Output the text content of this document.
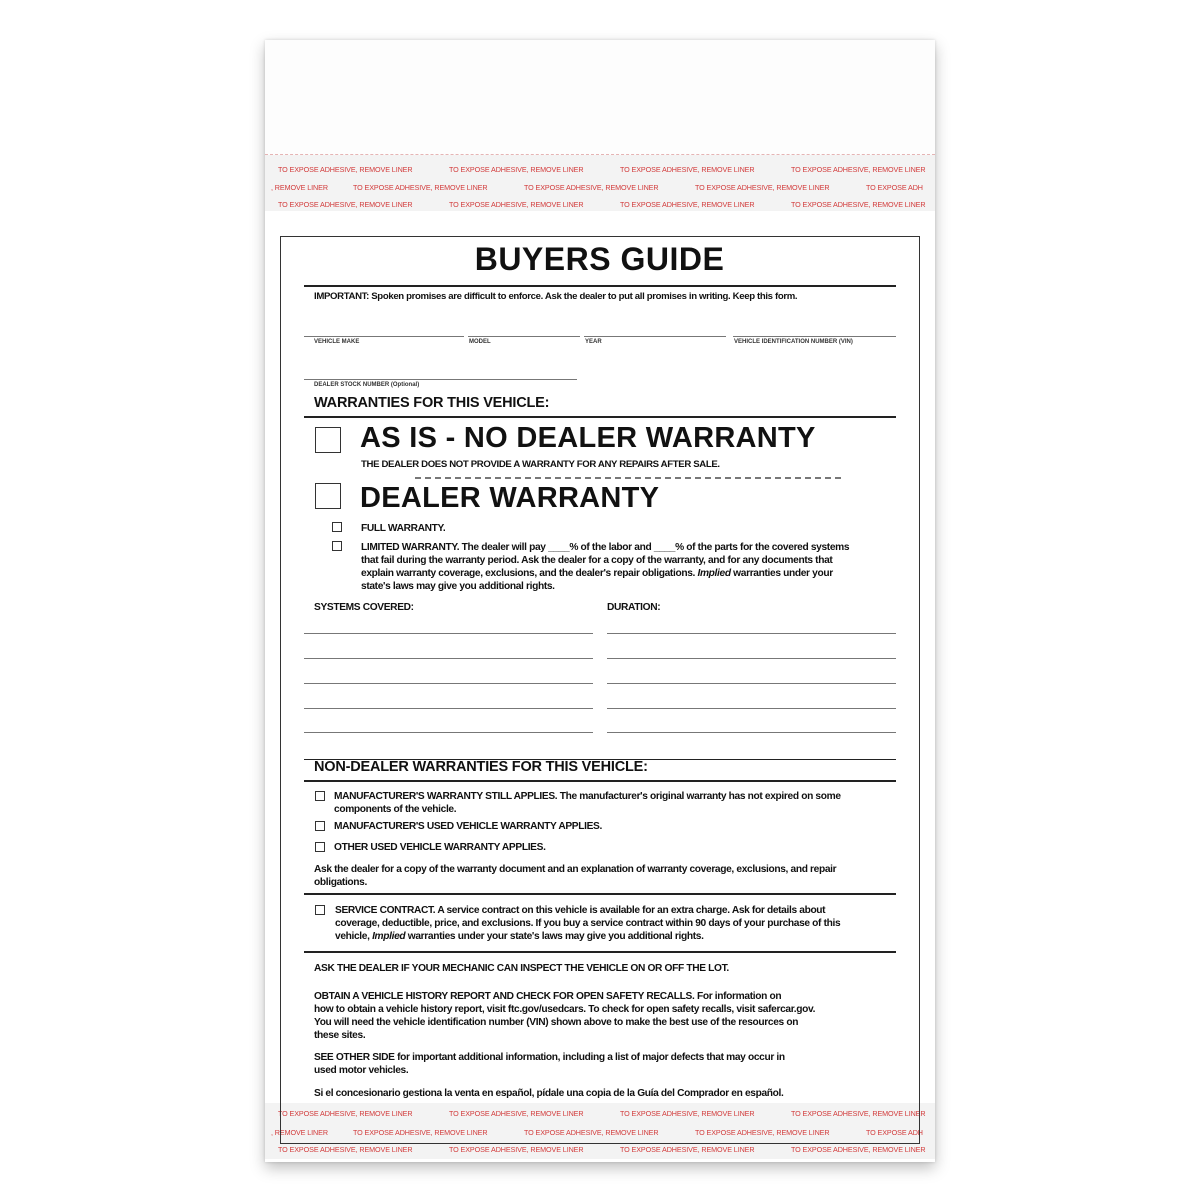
TO EXPOSE ADHESIVE, REMOVE LINER	TO EXPOSE ADHESIVE, REMOVE LINER	TO EXPOSE ADHESIVE, REMOVE LINER	TO EXPOSE ADHESIVE, REMOVE LINER
, REMOVE LINER	TO EXPOSE ADHESIVE, REMOVE LINER	TO EXPOSE ADHESIVE, REMOVE LINER	TO EXPOSE ADHESIVE, REMOVE LINER	TO EXPOSE ADH
TO EXPOSE ADHESIVE, REMOVE LINER	TO EXPOSE ADHESIVE, REMOVE LINER	TO EXPOSE ADHESIVE, REMOVE LINER	TO EXPOSE ADHESIVE, REMOVE LINER
TO EXPOSE ADHESIVE, REMOVE LINER	TO EXPOSE ADHESIVE, REMOVE LINER	TO EXPOSE ADHESIVE, REMOVE LINER	TO EXPOSE ADHESIVE, REMOVE LINER
, REMOVE LINER	TO EXPOSE ADHESIVE, REMOVE LINER	TO EXPOSE ADHESIVE, REMOVE LINER	TO EXPOSE ADHESIVE, REMOVE LINER	TO EXPOSE ADH
TO EXPOSE ADHESIVE, REMOVE LINER	TO EXPOSE ADHESIVE, REMOVE LINER	TO EXPOSE ADHESIVE, REMOVE LINER	TO EXPOSE ADHESIVE, REMOVE LINER
BUYERS GUIDE
IMPORTANT: Spoken promises are difficult to enforce. Ask the dealer to put all promises in writing. Keep this form.
VEHICLE MAKE	MODEL	YEAR	VEHICLE IDENTIFICATION NUMBER (VIN)
DEALER STOCK NUMBER (Optional)
WARRANTIES FOR THIS VEHICLE:
AS IS - NO DEALER WARRANTY
THE DEALER DOES NOT PROVIDE A WARRANTY FOR ANY REPAIRS AFTER SALE.
DEALER WARRANTY
FULL WARRANTY.
LIMITED WARRANTY. The dealer will pay ____% of the labor and ____% of the parts for the covered systems
that fail during the warranty period. Ask the dealer for a copy of the warranty, and for any documents that
explain warranty coverage, exclusions, and the dealer's repair obligations. Implied warranties under your
state's laws may give you additional rights.
SYSTEMS COVERED:	DURATION:
NON-DEALER WARRANTIES FOR THIS VEHICLE:
MANUFACTURER'S WARRANTY STILL APPLIES. The manufacturer's original warranty has not expired on some
components of the vehicle.
MANUFACTURER'S USED VEHICLE WARRANTY APPLIES.
OTHER USED VEHICLE WARRANTY APPLIES.
Ask the dealer for a copy of the warranty document and an explanation of warranty coverage, exclusions, and repair
obligations.
SERVICE CONTRACT. A service contract on this vehicle is available for an extra charge. Ask for details about
coverage, deductible, price, and exclusions. If you buy a service contract within 90 days of your purchase of this
vehicle, Implied warranties under your state's laws may give you additional rights.
ASK THE DEALER IF YOUR MECHANIC CAN INSPECT THE VEHICLE ON OR OFF THE LOT.
OBTAIN A VEHICLE HISTORY REPORT AND CHECK FOR OPEN SAFETY RECALLS. For information on
how to obtain a vehicle history report, visit ftc.gov/usedcars. To check for open safety recalls, visit safercar.gov.
You will need the vehicle identification number (VIN) shown above to make the best use of the resources on
these sites.
SEE OTHER SIDE for important additional information, including a list of major defects that may occur in
used motor vehicles.
Si el concesionario gestiona la venta en español, pídale una copia de la Guía del Comprador en español.
